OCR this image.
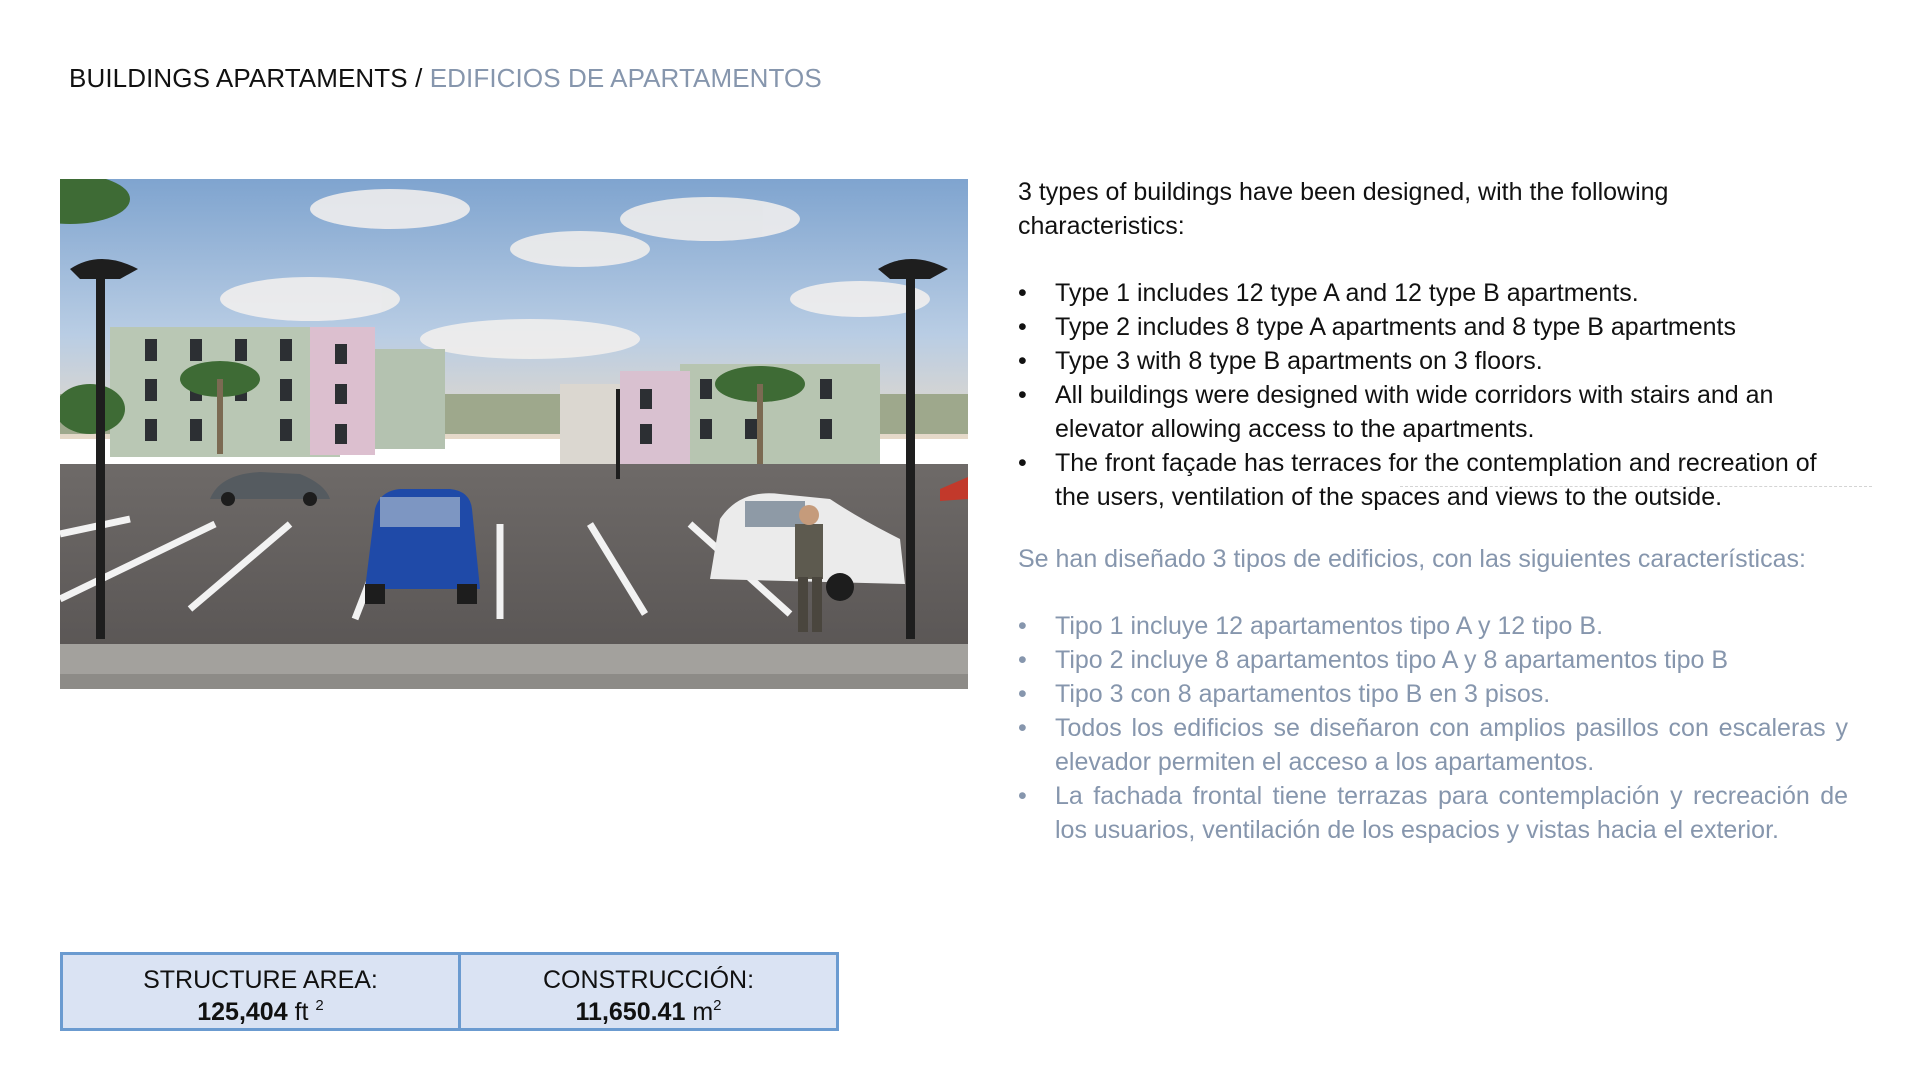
BUILDINGS APARTAMENTS / EDIFICIOS DE APARTAMENTOS

3 types of buildings have been designed, with the following characteristics:

• Type 1 includes 12 type A and 12 type B apartments.
• Type 2 includes 8 type A apartments and 8 type B apartments
• Type 3 with 8 type B apartments on 3 floors.
• All buildings were designed with wide corridors with stairs and an elevator allowing access to the apartments.
• The front façade has terraces for the contemplation and recreation of the users, ventilation of the spaces and views to the outside.

Se han diseñado 3 tipos de edificios, con las siguientes características:

• Tipo 1 incluye 12 apartamentos tipo A y 12 tipo B.
• Tipo 2 incluye 8 apartamentos tipo A y 8 apartamentos tipo B
• Tipo 3 con 8 apartamentos tipo B en 3 pisos.
• Todos los edificios se diseñaron con amplios pasillos con escaleras y elevador permiten el acceso a los apartamentos.
• La fachada frontal tiene terrazas para contemplación y recreación de los usuarios, ventilación de los espacios y vistas hacia el exterior.
STRUCTURE AREA:
125,404 ft $^2$
CONSTRUCCIÓN:
11,650.41 $m^2$
